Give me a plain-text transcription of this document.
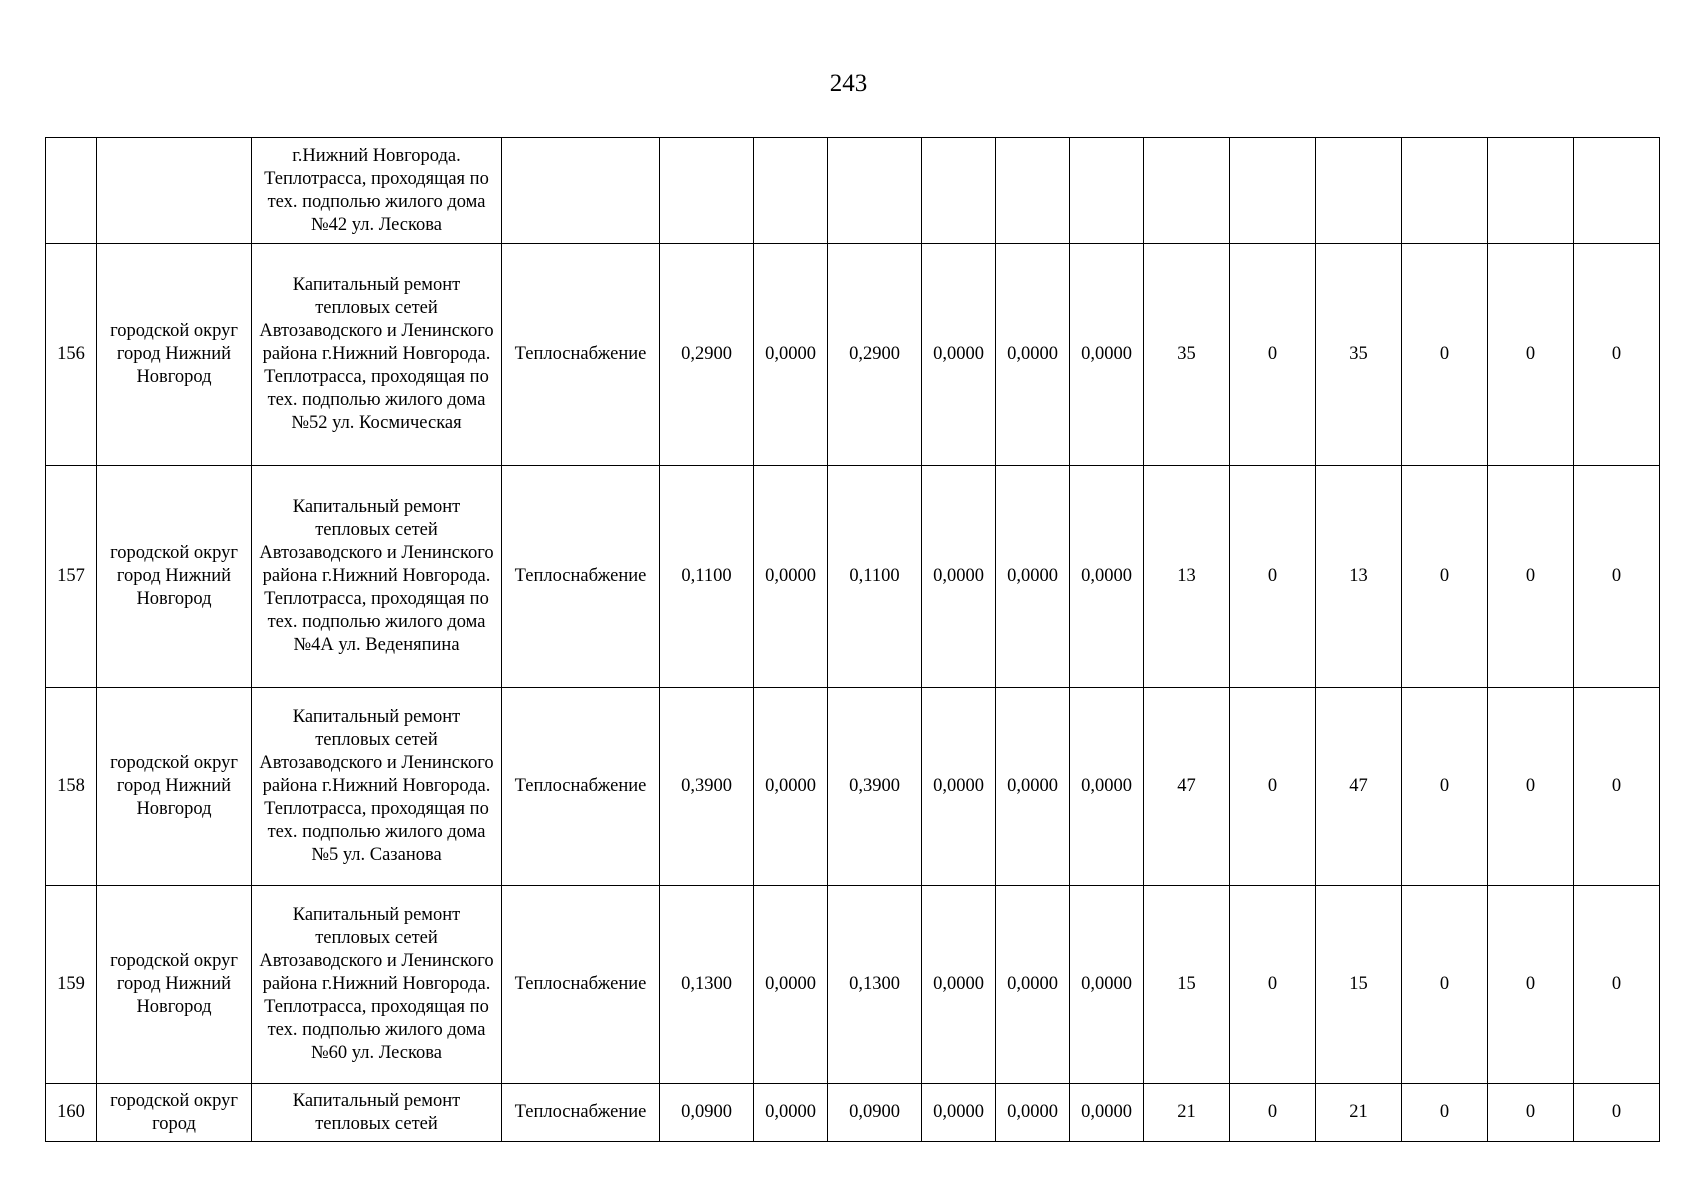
243
		г.Нижний Новгорода. Теплотрасса, проходящая по тех. подполью жилого дома №42 ул. Лескова													
156	городской округ город Нижний Новгород	Капитальный ремонт тепловых сетей Автозаводского и Ленинского района г.Нижний Новгорода. Теплотрасса, проходящая по тех. подполью жилого дома №52 ул. Космическая	Теплоснабжение	0,2900	0,0000	0,2900	0,0000	0,0000	0,0000	35	0	35	0	0	0
157	городской округ город Нижний Новгород	Капитальный ремонт тепловых сетей Автозаводского и Ленинского района г.Нижний Новгорода. Теплотрасса, проходящая по тех. подполью жилого дома №4А ул. Веденяпина	Теплоснабжение	0,1100	0,0000	0,1100	0,0000	0,0000	0,0000	13	0	13	0	0	0
158	городской округ город Нижний Новгород	Капитальный ремонт тепловых сетей Автозаводского и Ленинского района г.Нижний Новгорода. Теплотрасса, проходящая по тех. подполью жилого дома №5 ул. Сазанова	Теплоснабжение	0,3900	0,0000	0,3900	0,0000	0,0000	0,0000	47	0	47	0	0	0
159	городской округ город Нижний Новгород	Капитальный ремонт тепловых сетей Автозаводского и Ленинского района г.Нижний Новгорода. Теплотрасса, проходящая по тех. подполью жилого дома №60 ул. Лескова	Теплоснабжение	0,1300	0,0000	0,1300	0,0000	0,0000	0,0000	15	0	15	0	0	0
160	городской округ город	Капитальный ремонт тепловых сетей	Теплоснабжение	0,0900	0,0000	0,0900	0,0000	0,0000	0,0000	21	0	21	0	0	0
